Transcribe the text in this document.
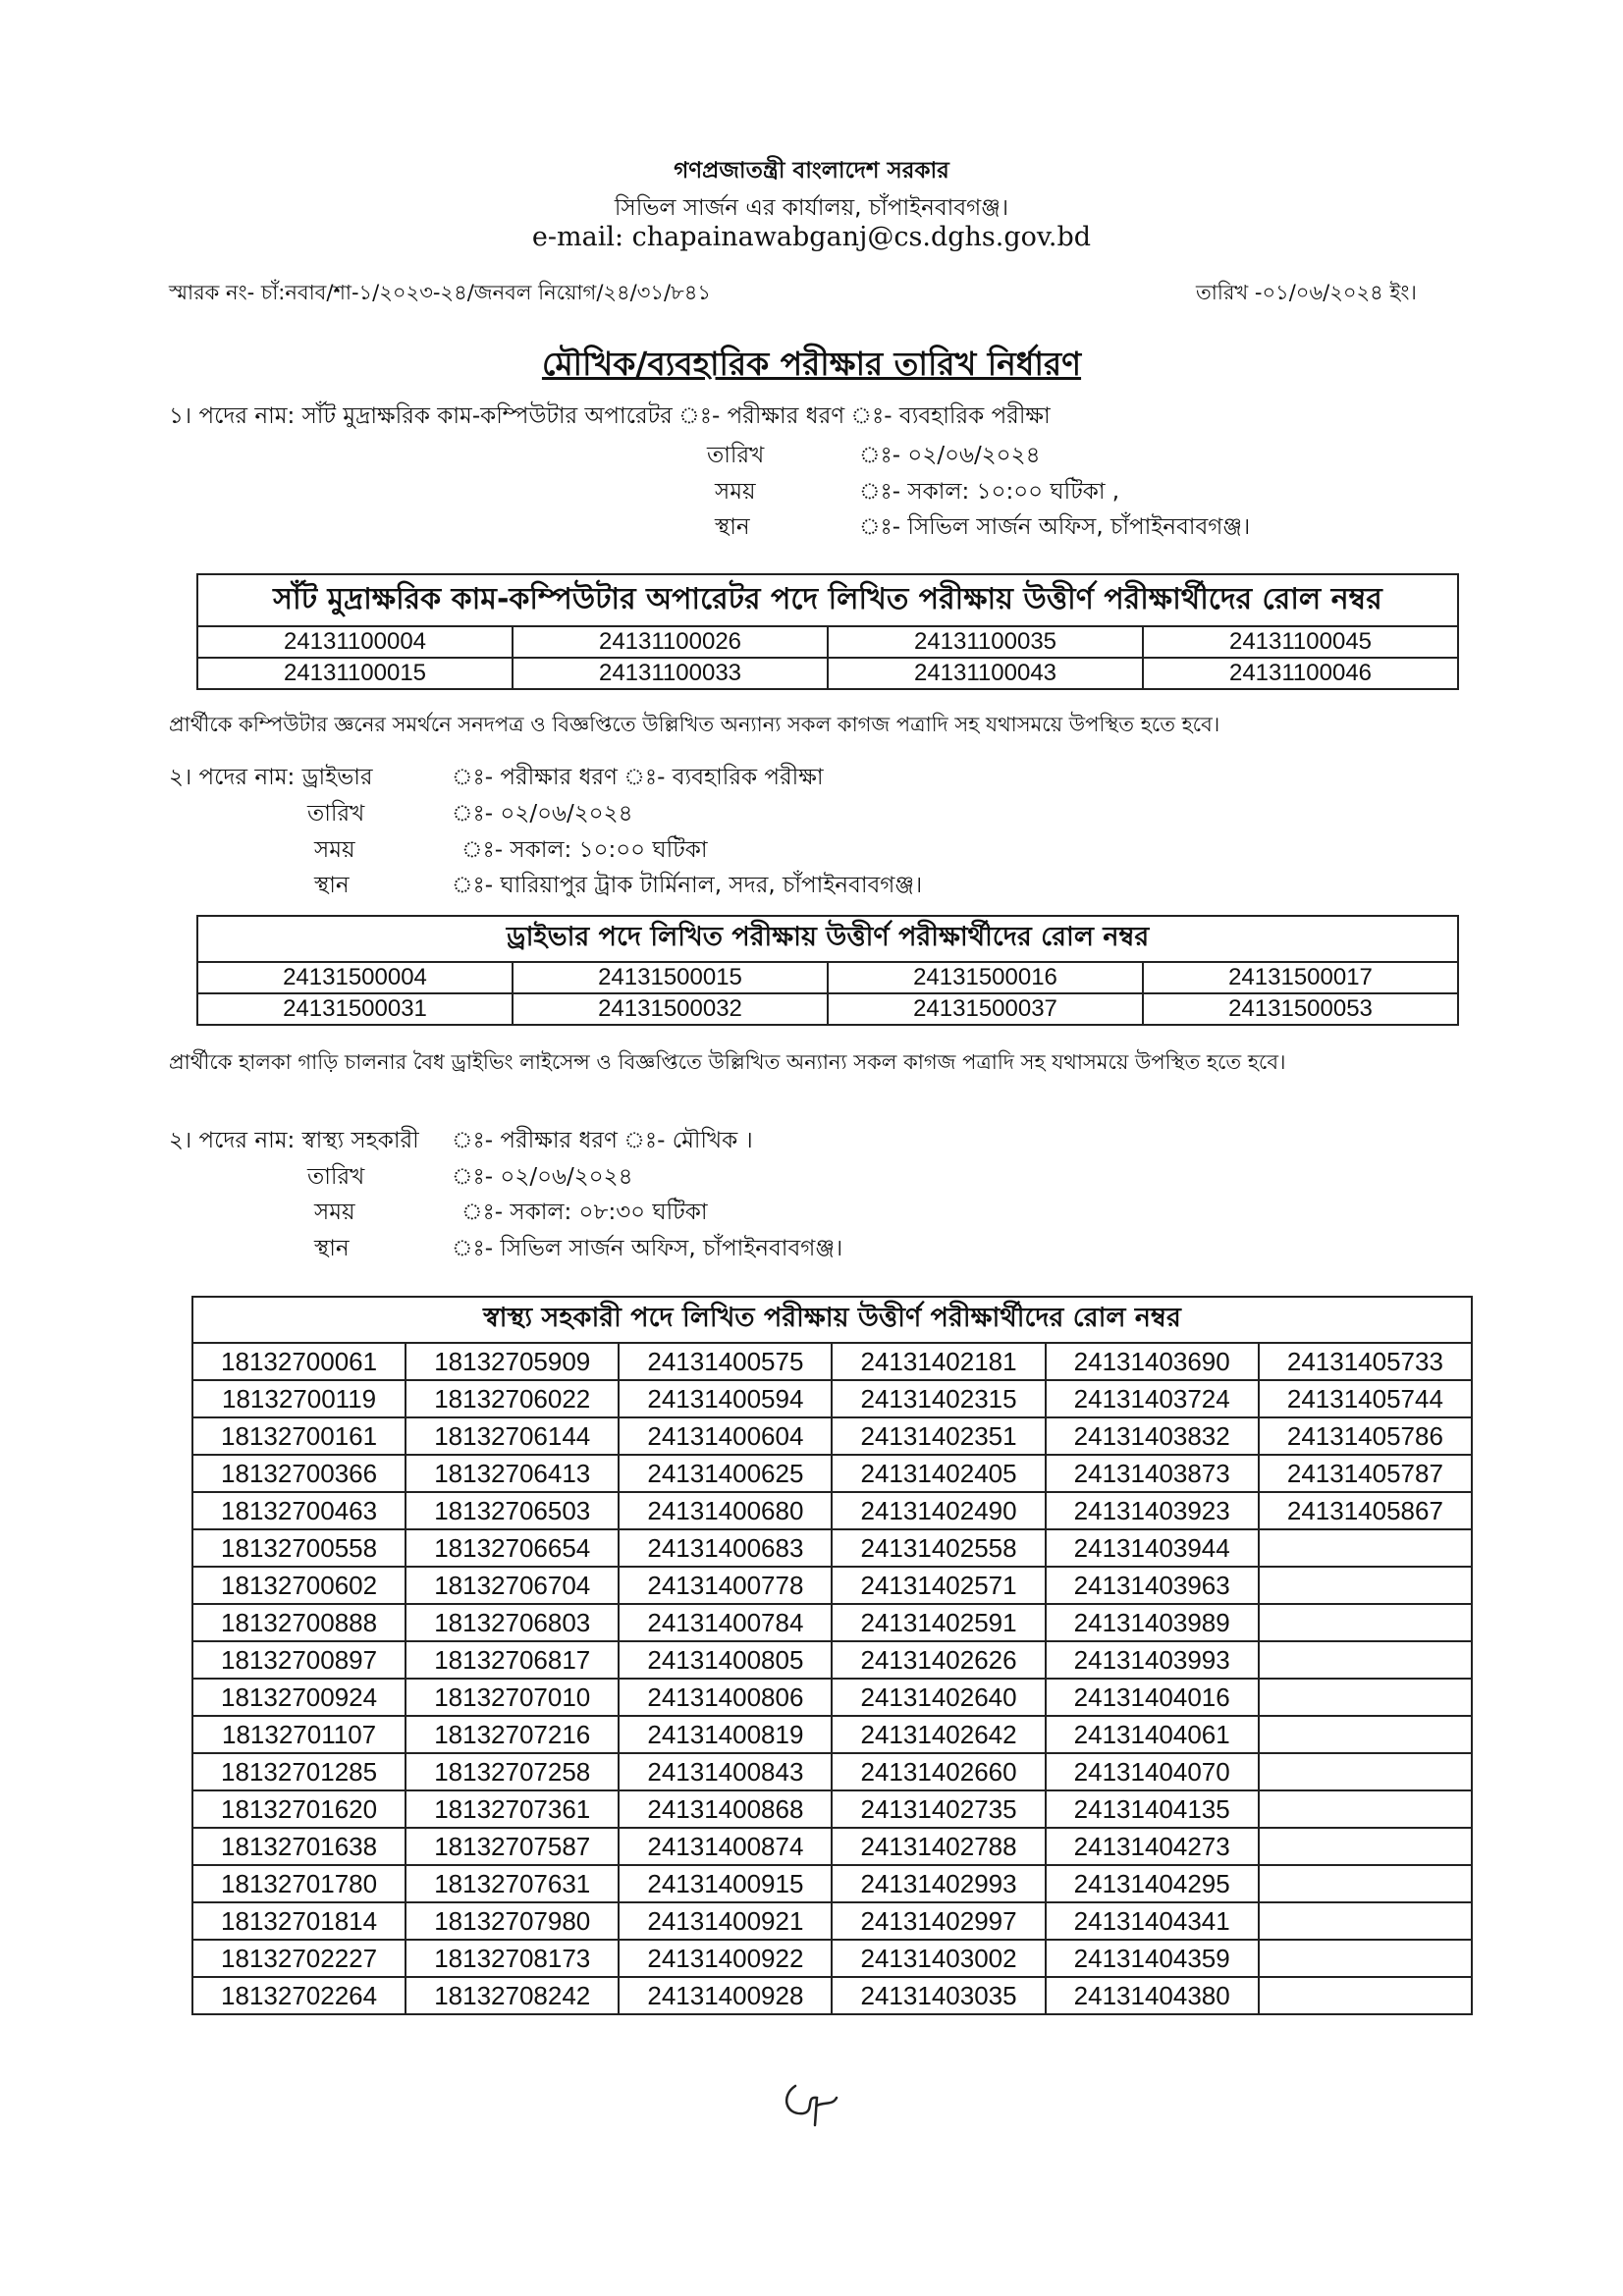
গণপ্রজাতন্ত্রী বাংলাদেশ সরকার
সিভিল সার্জন এর কার্যালয়, চাঁপাইনবাবগঞ্জ।
e-mail: chapainawabganj@cs.dghs.gov.bd
স্মারক নং- চাঁ:নবাব/শা-১/২০২৩-২৪/জনবল নিয়োগ/২৪/৩১/৮৪১	তারিখ -০১/০৬/২০২৪ ইং।
মৌখিক/ব্যবহারিক পরীক্ষার তারিখ নির্ধারণ
১। পদের নাম: সাঁট মুদ্রাক্ষরিক কাম-কম্পিউটার অপারেটর ঃ- পরীক্ষার ধরণ ঃ- ব্যবহারিক পরীক্ষা
তারিখ	ঃ- ০২/০৬/২০২৪
সময়	ঃ- সকাল: ১০:০০ ঘটিকা ,
স্থান	ঃ- সিভিল সার্জন অফিস, চাঁপাইনবাবগঞ্জ।
সাঁট মুদ্রাক্ষরিক কাম-কম্পিউটার অপারেটর পদে লিখিত পরীক্ষায় উত্তীর্ণ পরীক্ষার্থীদের রোল নম্বর			
24131100004	24131100026	24131100035	24131100045
24131100015	24131100033	24131100043	24131100046
প্রার্থীকে কম্পিউটার জ্ঞনের সমর্থনে সনদপত্র ও বিজ্ঞপ্তিতে উল্লিখিত অন্যান্য সকল কাগজ পত্রাদি সহ যথাসময়ে উপস্থিত হতে হবে।
২। পদের নাম: ড্রাইভার	ঃ- পরীক্ষার ধরণ ঃ- ব্যবহারিক পরীক্ষা
তারিখ	ঃ- ০২/০৬/২০২৪
সময়	ঃ- সকাল: ১০:০০ ঘটিকা
স্থান	ঃ- ঘারিয়াপুর ট্রাক টার্মিনাল, সদর, চাঁপাইনবাবগঞ্জ।
ড্রাইভার পদে লিখিত পরীক্ষায় উত্তীর্ণ পরীক্ষার্থীদের রোল নম্বর			
24131500004	24131500015	24131500016	24131500017
24131500031	24131500032	24131500037	24131500053
প্রার্থীকে হালকা গাড়ি চালনার বৈধ ড্রাইভিং লাইসেন্স ও বিজ্ঞপ্তিতে উল্লিখিত অন্যান্য সকল কাগজ পত্রাদি সহ যথাসময়ে উপস্থিত হতে হবে।
২। পদের নাম: স্বাস্থ্য সহকারী ঃ- পরীক্ষার ধরণ ঃ- মৌখিক ।
তারিখ	ঃ- ০২/০৬/২০২৪
সময়	ঃ- সকাল: ০৮:৩০ ঘটিকা
স্থান	ঃ- সিভিল সার্জন অফিস, চাঁপাইনবাবগঞ্জ।
স্বাস্থ্য সহকারী পদে লিখিত পরীক্ষায় উত্তীর্ণ পরীক্ষার্থীদের রোল নম্বর					
18132700061	18132705909	24131400575	24131402181	24131403690	24131405733
18132700119	18132706022	24131400594	24131402315	24131403724	24131405744
18132700161	18132706144	24131400604	24131402351	24131403832	24131405786
18132700366	18132706413	24131400625	24131402405	24131403873	24131405787
18132700463	18132706503	24131400680	24131402490	24131403923	24131405867
18132700558	18132706654	24131400683	24131402558	24131403944	
18132700602	18132706704	24131400778	24131402571	24131403963	
18132700888	18132706803	24131400784	24131402591	24131403989	
18132700897	18132706817	24131400805	24131402626	24131403993	
18132700924	18132707010	24131400806	24131402640	24131404016	
18132701107	18132707216	24131400819	24131402642	24131404061	
18132701285	18132707258	24131400843	24131402660	24131404070	
18132701620	18132707361	24131400868	24131402735	24131404135	
18132701638	18132707587	24131400874	24131402788	24131404273	
18132701780	18132707631	24131400915	24131402993	24131404295	
18132701814	18132707980	24131400921	24131402997	24131404341	
18132702227	18132708173	24131400922	24131403002	24131404359	
18132702264	18132708242	24131400928	24131403035	24131404380	
